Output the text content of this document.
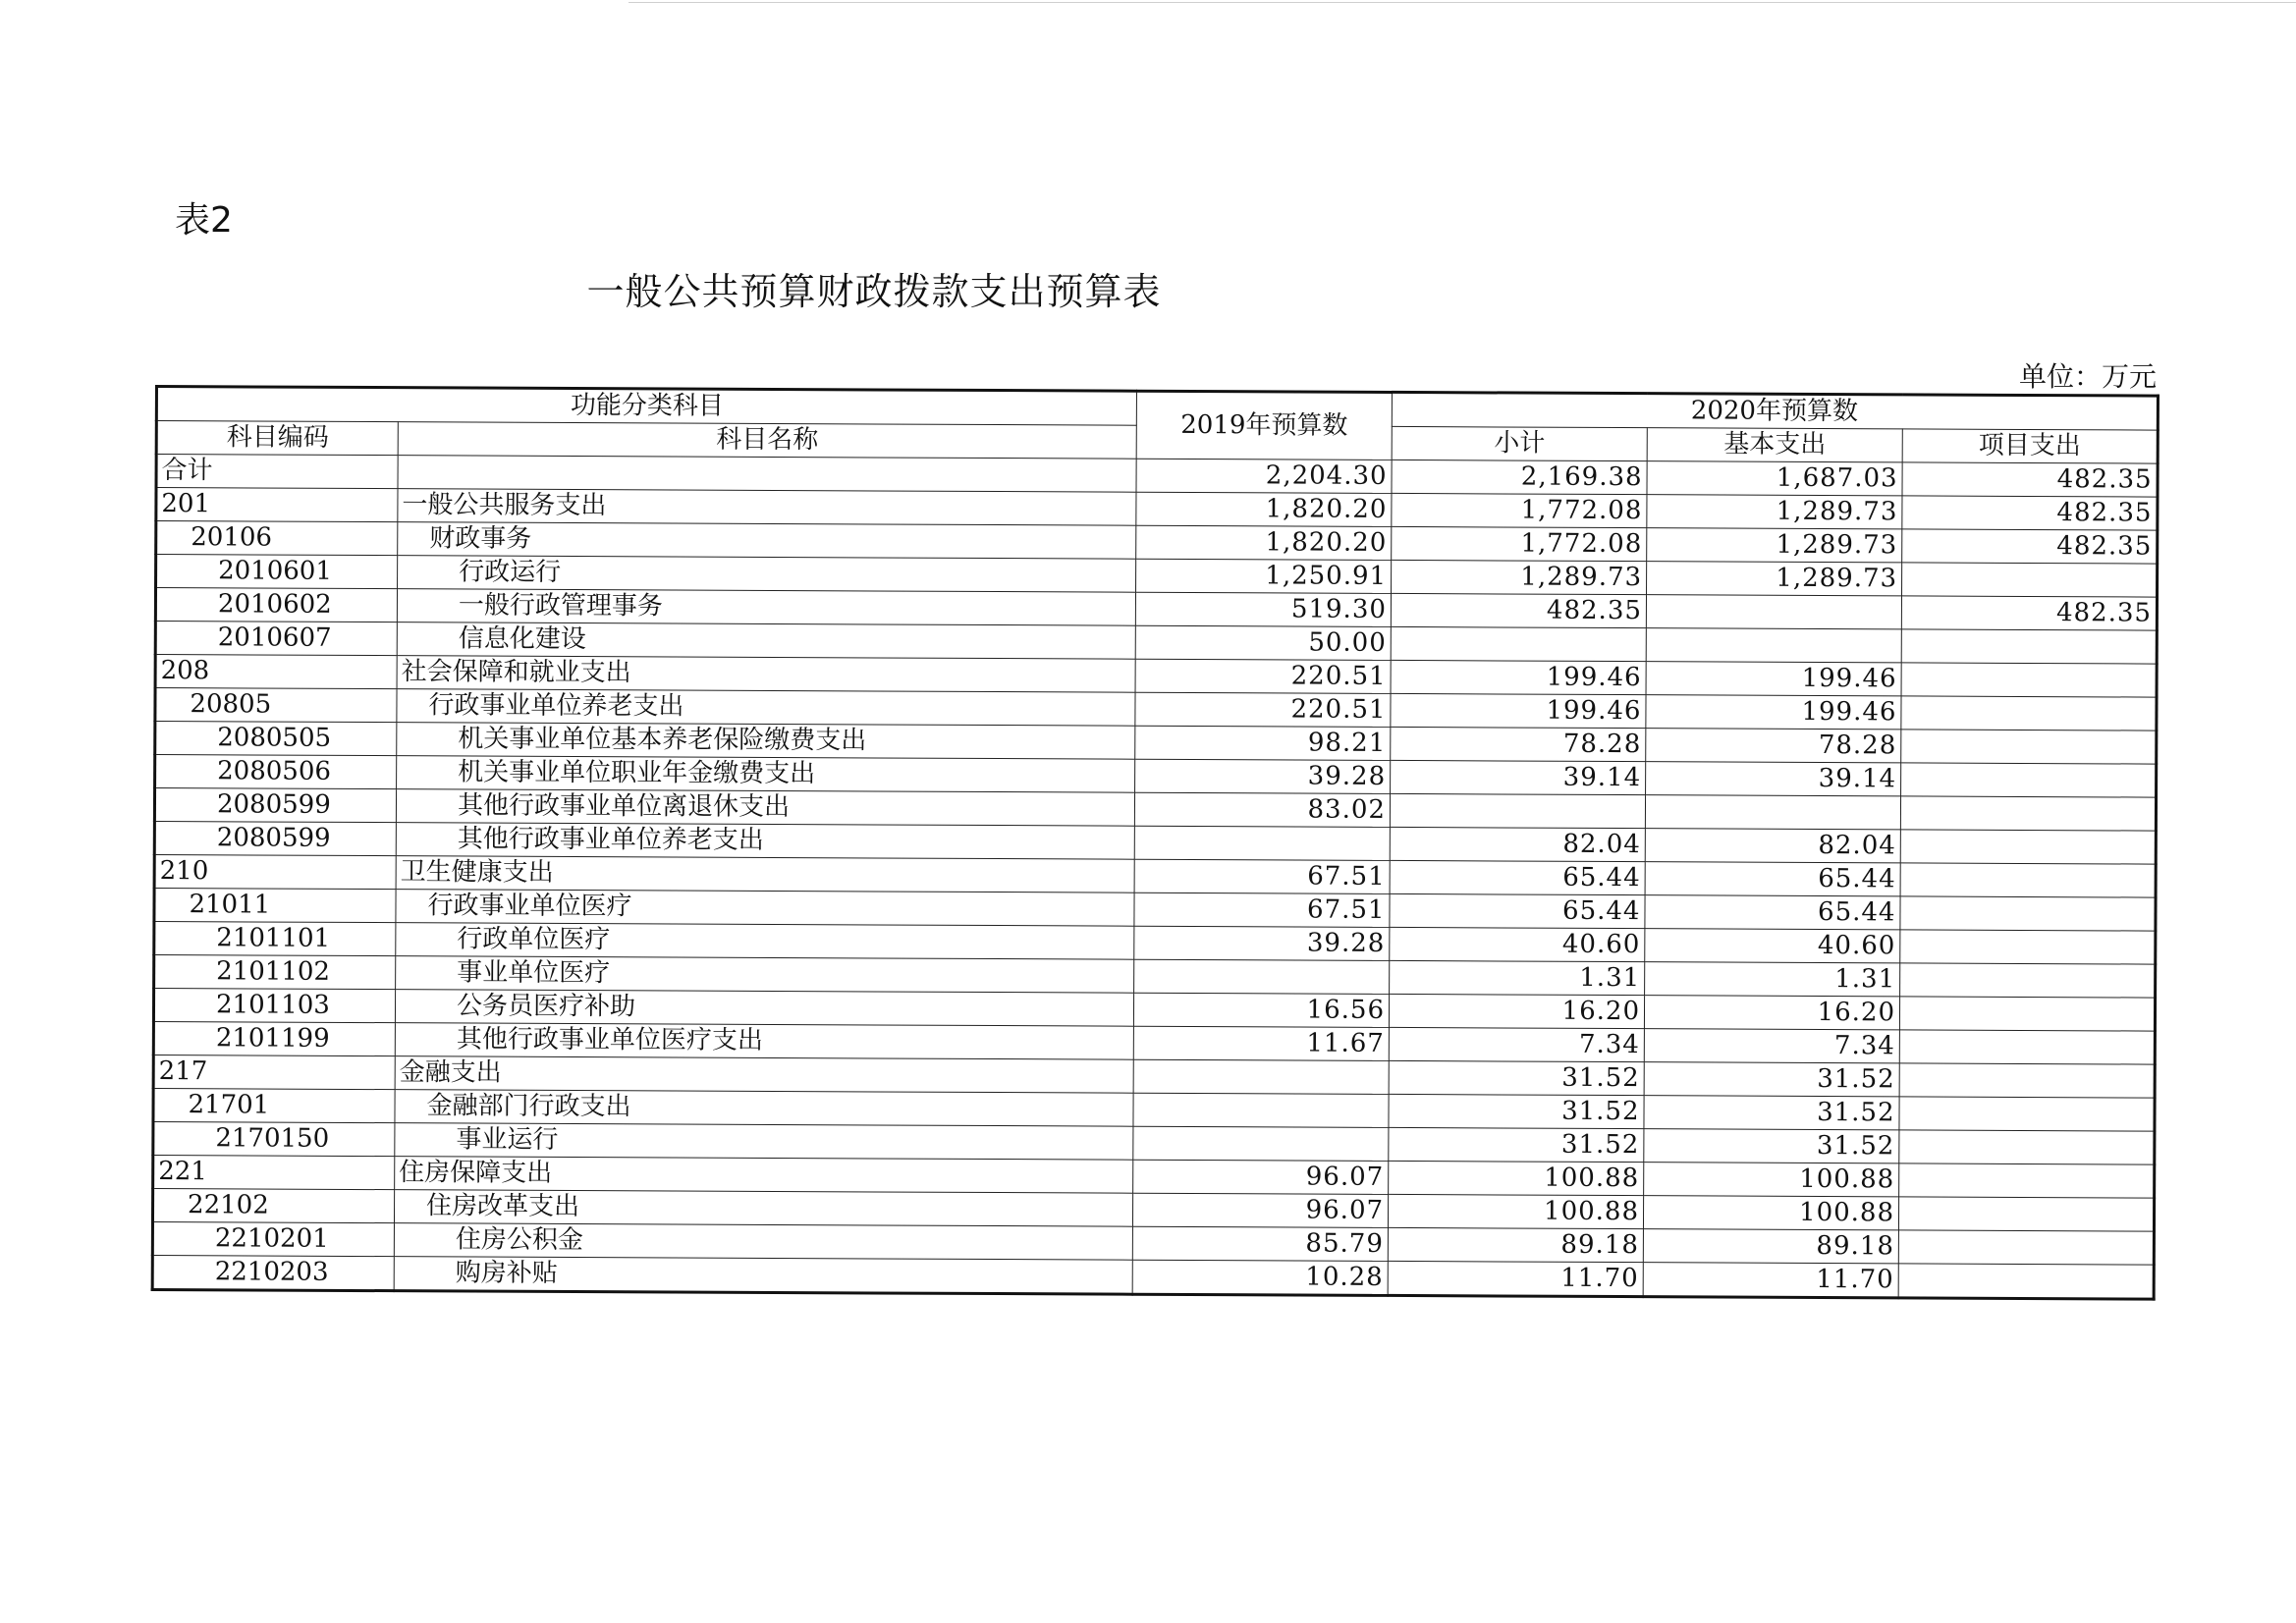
表2
一般公共预算财政拨款支出预算表
单位：万元
功能分类科目		2019年预算数	2020年预算数		
科目编码	科目名称		小计	基本支出	项目支出
合计		2,204.30	2,169.38	1,687.03	482.35
201	一般公共服务支出	1,820.20	1,772.08	1,289.73	482.35
20106	财政事务	1,820.20	1,772.08	1,289.73	482.35
2010601	行政运行	1,250.91	1,289.73	1,289.73	
2010602	一般行政管理事务	519.30	482.35		482.35
2010607	信息化建设	50.00			
208	社会保障和就业支出	220.51	199.46	199.46	
20805	行政事业单位养老支出	220.51	199.46	199.46	
2080505	机关事业单位基本养老保险缴费支出	98.21	78.28	78.28	
2080506	机关事业单位职业年金缴费支出	39.28	39.14	39.14	
2080599	其他行政事业单位离退休支出	83.02			
2080599	其他行政事业单位养老支出		82.04	82.04	
210	卫生健康支出	67.51	65.44	65.44	
21011	行政事业单位医疗	67.51	65.44	65.44	
2101101	行政单位医疗	39.28	40.60	40.60	
2101102	事业单位医疗		1.31	1.31	
2101103	公务员医疗补助	16.56	16.20	16.20	
2101199	其他行政事业单位医疗支出	11.67	7.34	7.34	
217	金融支出		31.52	31.52	
21701	金融部门行政支出		31.52	31.52	
2170150	事业运行		31.52	31.52	
221	住房保障支出	96.07	100.88	100.88	
22102	住房改革支出	96.07	100.88	100.88	
2210201	住房公积金	85.79	89.18	89.18	
2210203	购房补贴	10.28	11.70	11.70	
